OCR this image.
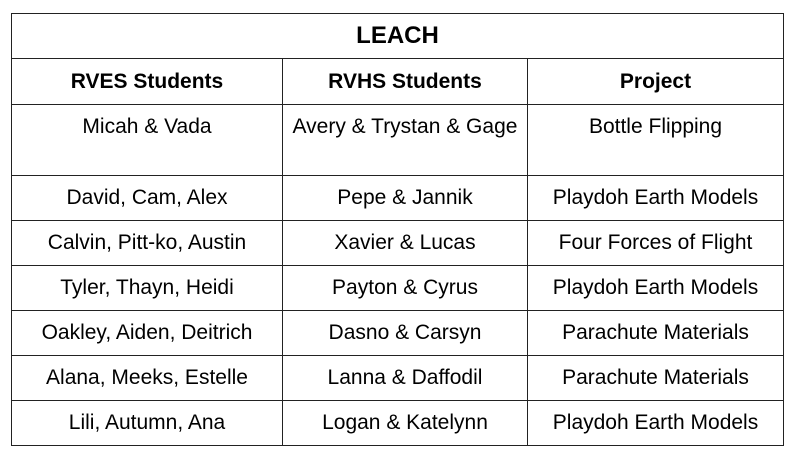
LEACH		
RVES Students	RVHS Students	Project
Micah & Vada	Avery & Trystan & Gage	Bottle Flipping
David, Cam, Alex	Pepe & Jannik	Playdoh Earth Models
Calvin, Pitt-ko, Austin	Xavier & Lucas	Four Forces of Flight
Tyler, Thayn, Heidi	Payton & Cyrus	Playdoh Earth Models
Oakley, Aiden, Deitrich	Dasno & Carsyn	Parachute Materials
Alana, Meeks, Estelle	Lanna & Daffodil	Parachute Materials
Lili, Autumn, Ana	Logan & Katelynn	Playdoh Earth Models
